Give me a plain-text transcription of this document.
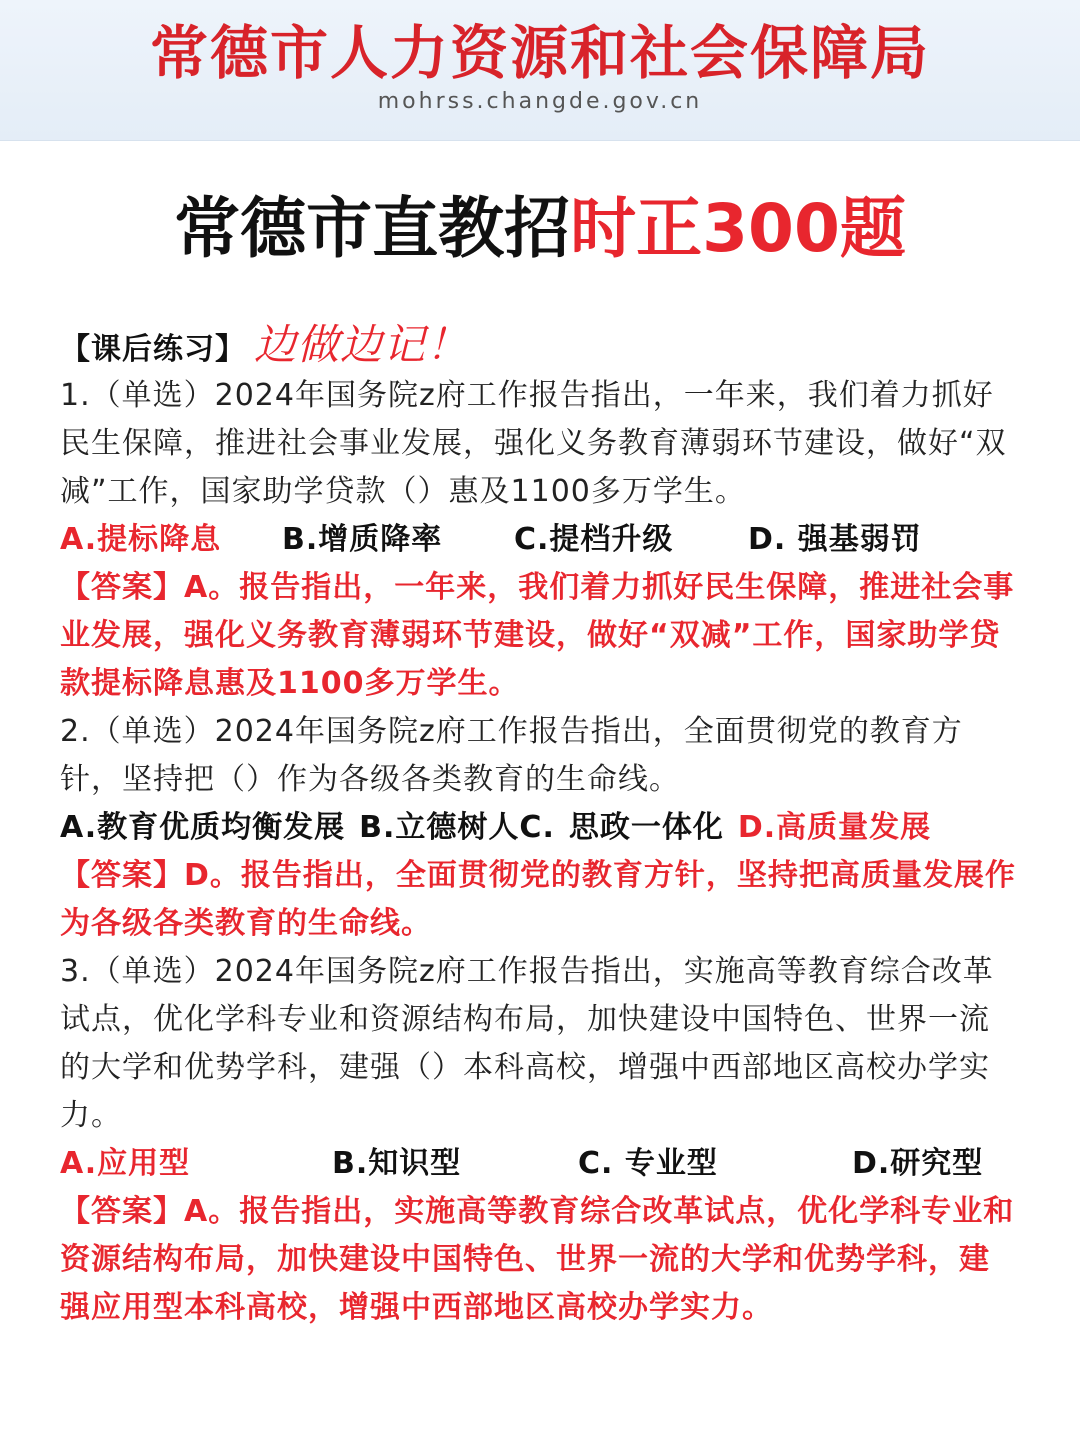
常德市人力资源和社会保障局
mohrss.changde.gov.cn
常德市直教招时正300题
【课后练习】 边做边记！

1.（单选）2024年国务院z府工作报告指出，一年来，我们着力抓好民生保障，推进社会事业发展，强化义务教育薄弱环节建设，做好“双减”工作，国家助学贷款（）惠及1100多万学生。

A.提标降息	B.增质降率	C.提档升级	D. 强基弱罚

【答案】A。报告指出，一年来，我们着力抓好民生保障，推进社会事业发展，强化义务教育薄弱环节建设，做好“双减”工作，国家助学贷款提标降息惠及1100多万学生。

2.（单选）2024年国务院z府工作报告指出，全面贯彻党的教育方针，坚持把（）作为各级各类教育的生命线。

A.教育优质均衡发展 B.立德树人C. 思政一体化 D.高质量发展

【答案】D。报告指出，全面贯彻党的教育方针，坚持把高质量发展作为各级各类教育的生命线。

3.（单选）2024年国务院z府工作报告指出，实施高等教育综合改革试点，优化学科专业和资源结构布局，加快建设中国特色、世界一流的大学和优势学科，建强（）本科高校，增强中西部地区高校办学实力。

A.应用型	B.知识型	C. 专业型	D.研究型

【答案】A。报告指出，实施高等教育综合改革试点，优化学科专业和资源结构布局，加快建设中国特色、世界一流的大学和优势学科，建强应用型本科高校，增强中西部地区高校办学实力。
